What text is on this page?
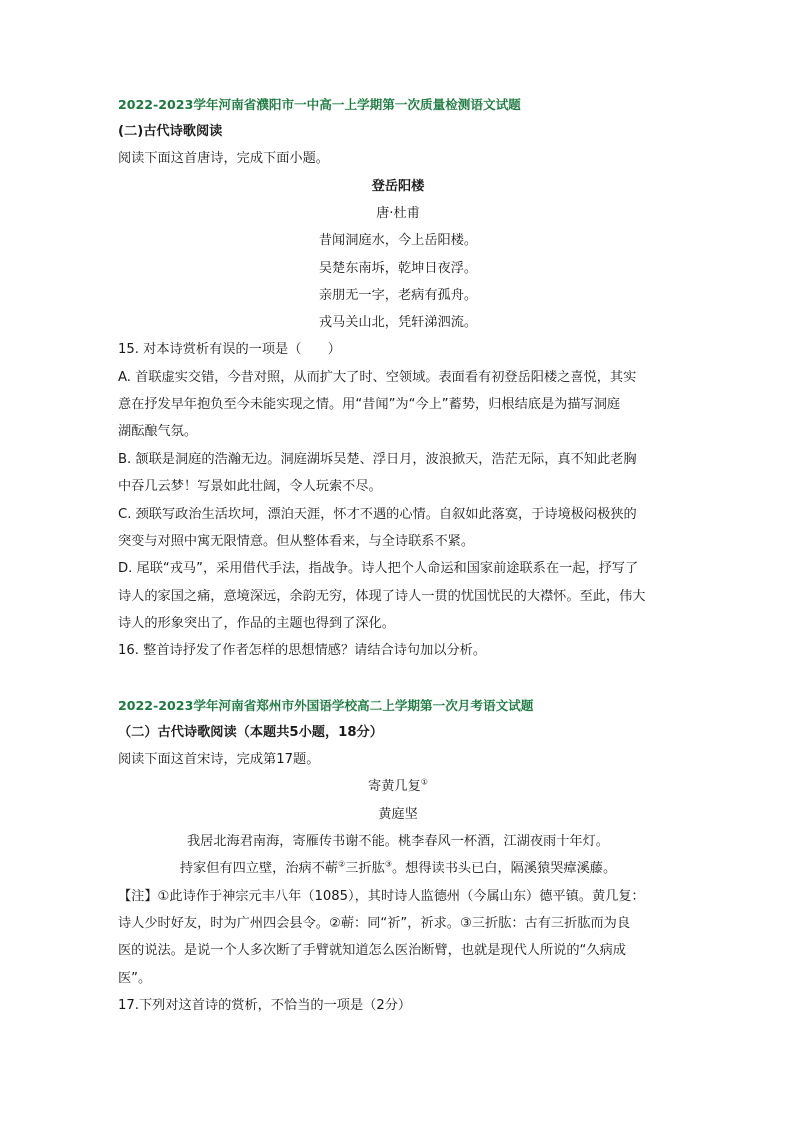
2022-2023学年河南省濮阳市一中高一上学期第一次质量检测语文试题
(二)古代诗歌阅读
阅读下面这首唐诗，完成下面小题。
登岳阳楼
唐·杜甫
昔闻洞庭水，今上岳阳楼。
吴楚东南坼，乾坤日夜浮。
亲朋无一字，老病有孤舟。
戎马关山北，凭轩涕泗流。
15. 对本诗赏析有误的一项是（　　）
A. 首联虚实交错，今昔对照，从而扩大了时、空领域。表面看有初登岳阳楼之喜悦，其实
意在抒发早年抱负至今未能实现之情。用“昔闻”为“今上”蓄势，归根结底是为描写洞庭
湖酝酿气氛。
B. 颔联是洞庭的浩瀚无边。洞庭湖坼吴楚、浮日月，波浪掀天，浩茫无际，真不知此老胸
中吞几云梦！写景如此壮阔，令人玩索不尽。
C. 颈联写政治生活坎坷，漂泊天涯，怀才不遇的心情。自叙如此落寞，于诗境极闷极狭的
突变与对照中寓无限情意。但从整体看来，与全诗联系不紧。
D. 尾联“戎马”，采用借代手法，指战争。诗人把个人命运和国家前途联系在一起，抒写了
诗人的家国之痛，意境深远，余韵无穷，体现了诗人一贯的忧国忧民的大襟怀。至此，伟大
诗人的形象突出了，作品的主题也得到了深化。
16. 整首诗抒发了作者怎样的思想情感？请结合诗句加以分析。
2022-2023学年河南省郑州市外国语学校高二上学期第一次月考语文试题
（二）古代诗歌阅读（本题共5小题，18分）
阅读下面这首宋诗，完成第17题。
寄黄几复①
黄庭坚
我居北海君南海，寄雁传书谢不能。桃李春风一杯酒，江湖夜雨十年灯。
持家但有四立壁，治病不蕲②三折肱③。想得读书头已白，隔溪猿哭瘴溪藤。
【注】①此诗作于神宗元丰八年（1085），其时诗人监德州（今属山东）德平镇。黄几复：
诗人少时好友，时为广州四会县令。②蕲：同“祈”，祈求。③三折肱：古有三折肱而为良
医的说法。是说一个人多次断了手臂就知道怎么医治断臂，也就是现代人所说的“久病成
医”。
17.下列对这首诗的赏析，不恰当的一项是（2分）
